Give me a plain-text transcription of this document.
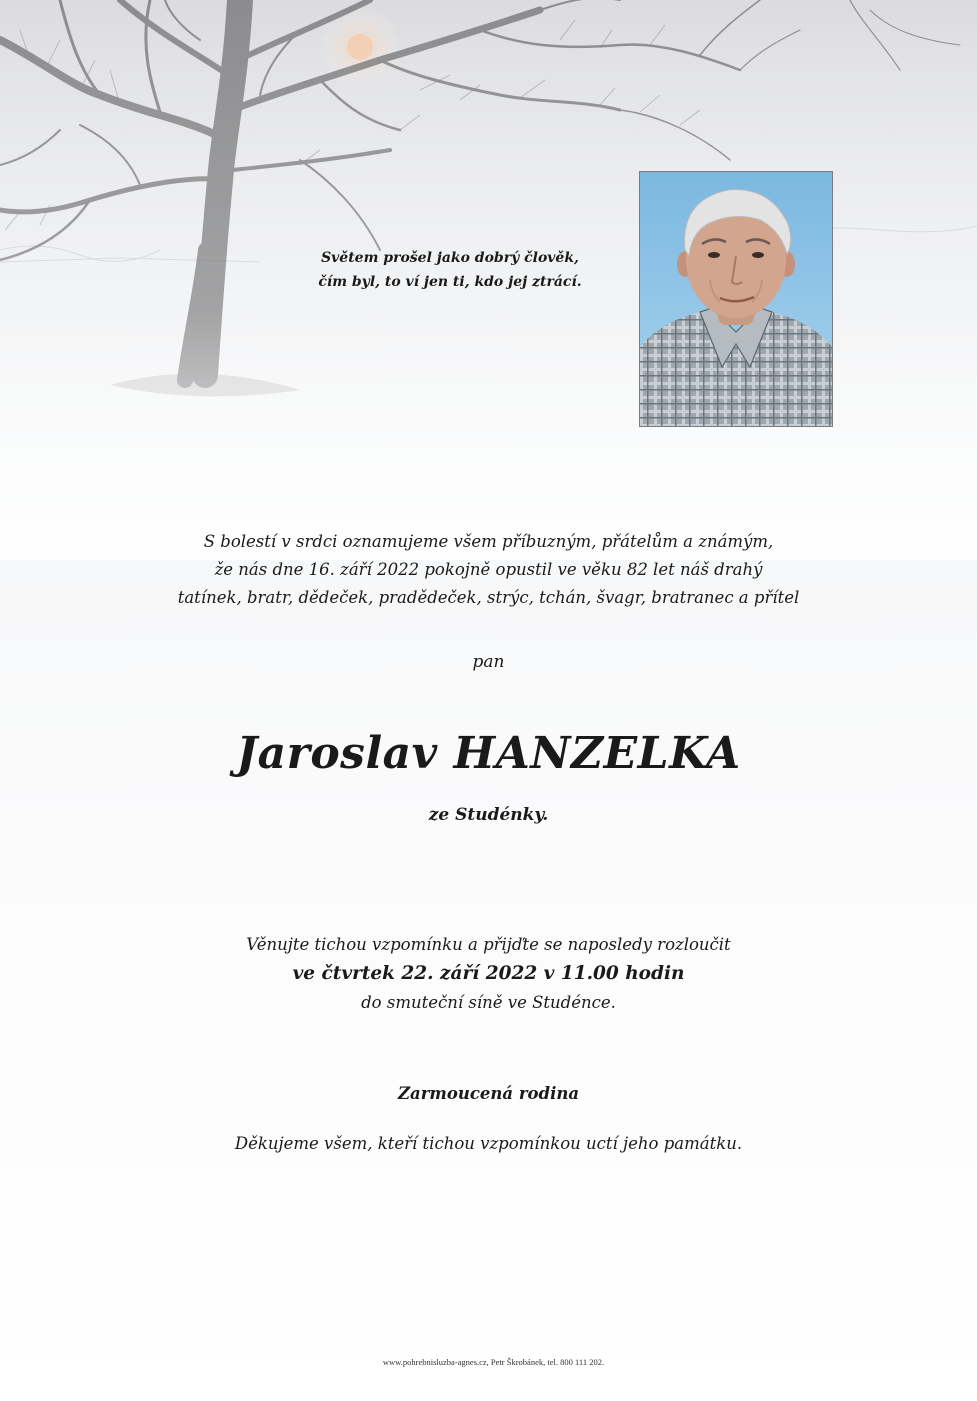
Světem prošel jako dobrý člověk,
čím byl, to ví jen ti, kdo jej ztrácí.
S bolestí v srdci oznamujeme všem příbuzným, přátelům a známým,
že nás dne 16. září 2022 pokojně opustil ve věku 82 let náš drahý
tatínek, bratr, dědeček, pradědeček, strýc, tchán, švagr, bratranec a přítel
pan
Jaroslav HANZELKA
ze Studénky.
Věnujte tichou vzpomínku a přijďte se naposledy rozloučit
ve čtvrtek 22. září 2022 v 11.00 hodin
do smuteční síně ve Studénce.
Zarmoucená rodina
Děkujeme všem, kteří tichou vzpomínkou uctí jeho památku.
www.pohrebnisluzba-agnes.cz, Petr Škrobánek, tel. 800 111 202.
